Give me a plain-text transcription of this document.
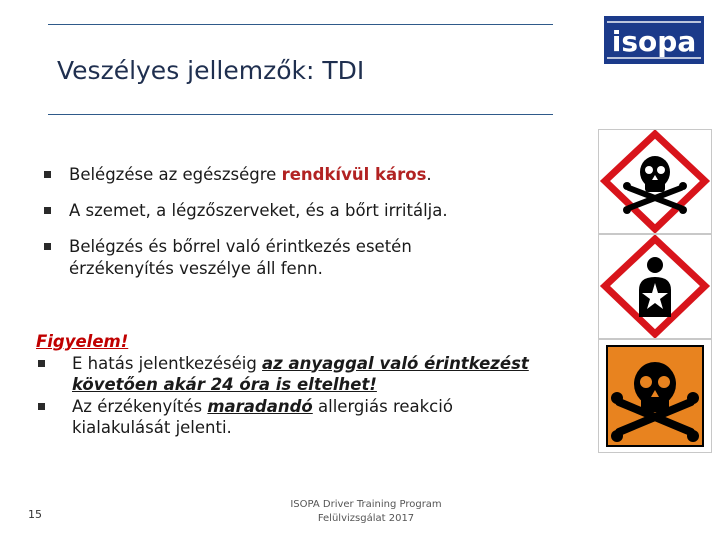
Veszélyes jellemzők: TDI
isopa
Belégzése az egészségre rendkívül káros.
A szemet, a légzőszerveket, és a bőrt irritálja.
Belégzés és bőrrel való érintkezés esetén
érzékenyítés veszélye áll fenn.
Figyelem!
E hatás jelentkezéséig az anyaggal való érintkezést
követően akár 24 óra is eltelhet!
Az érzékenyítés maradandó allergiás reakció
kialakulását jelenti.
15
ISOPA Driver Training Program
Felülvizsgálat 2017
